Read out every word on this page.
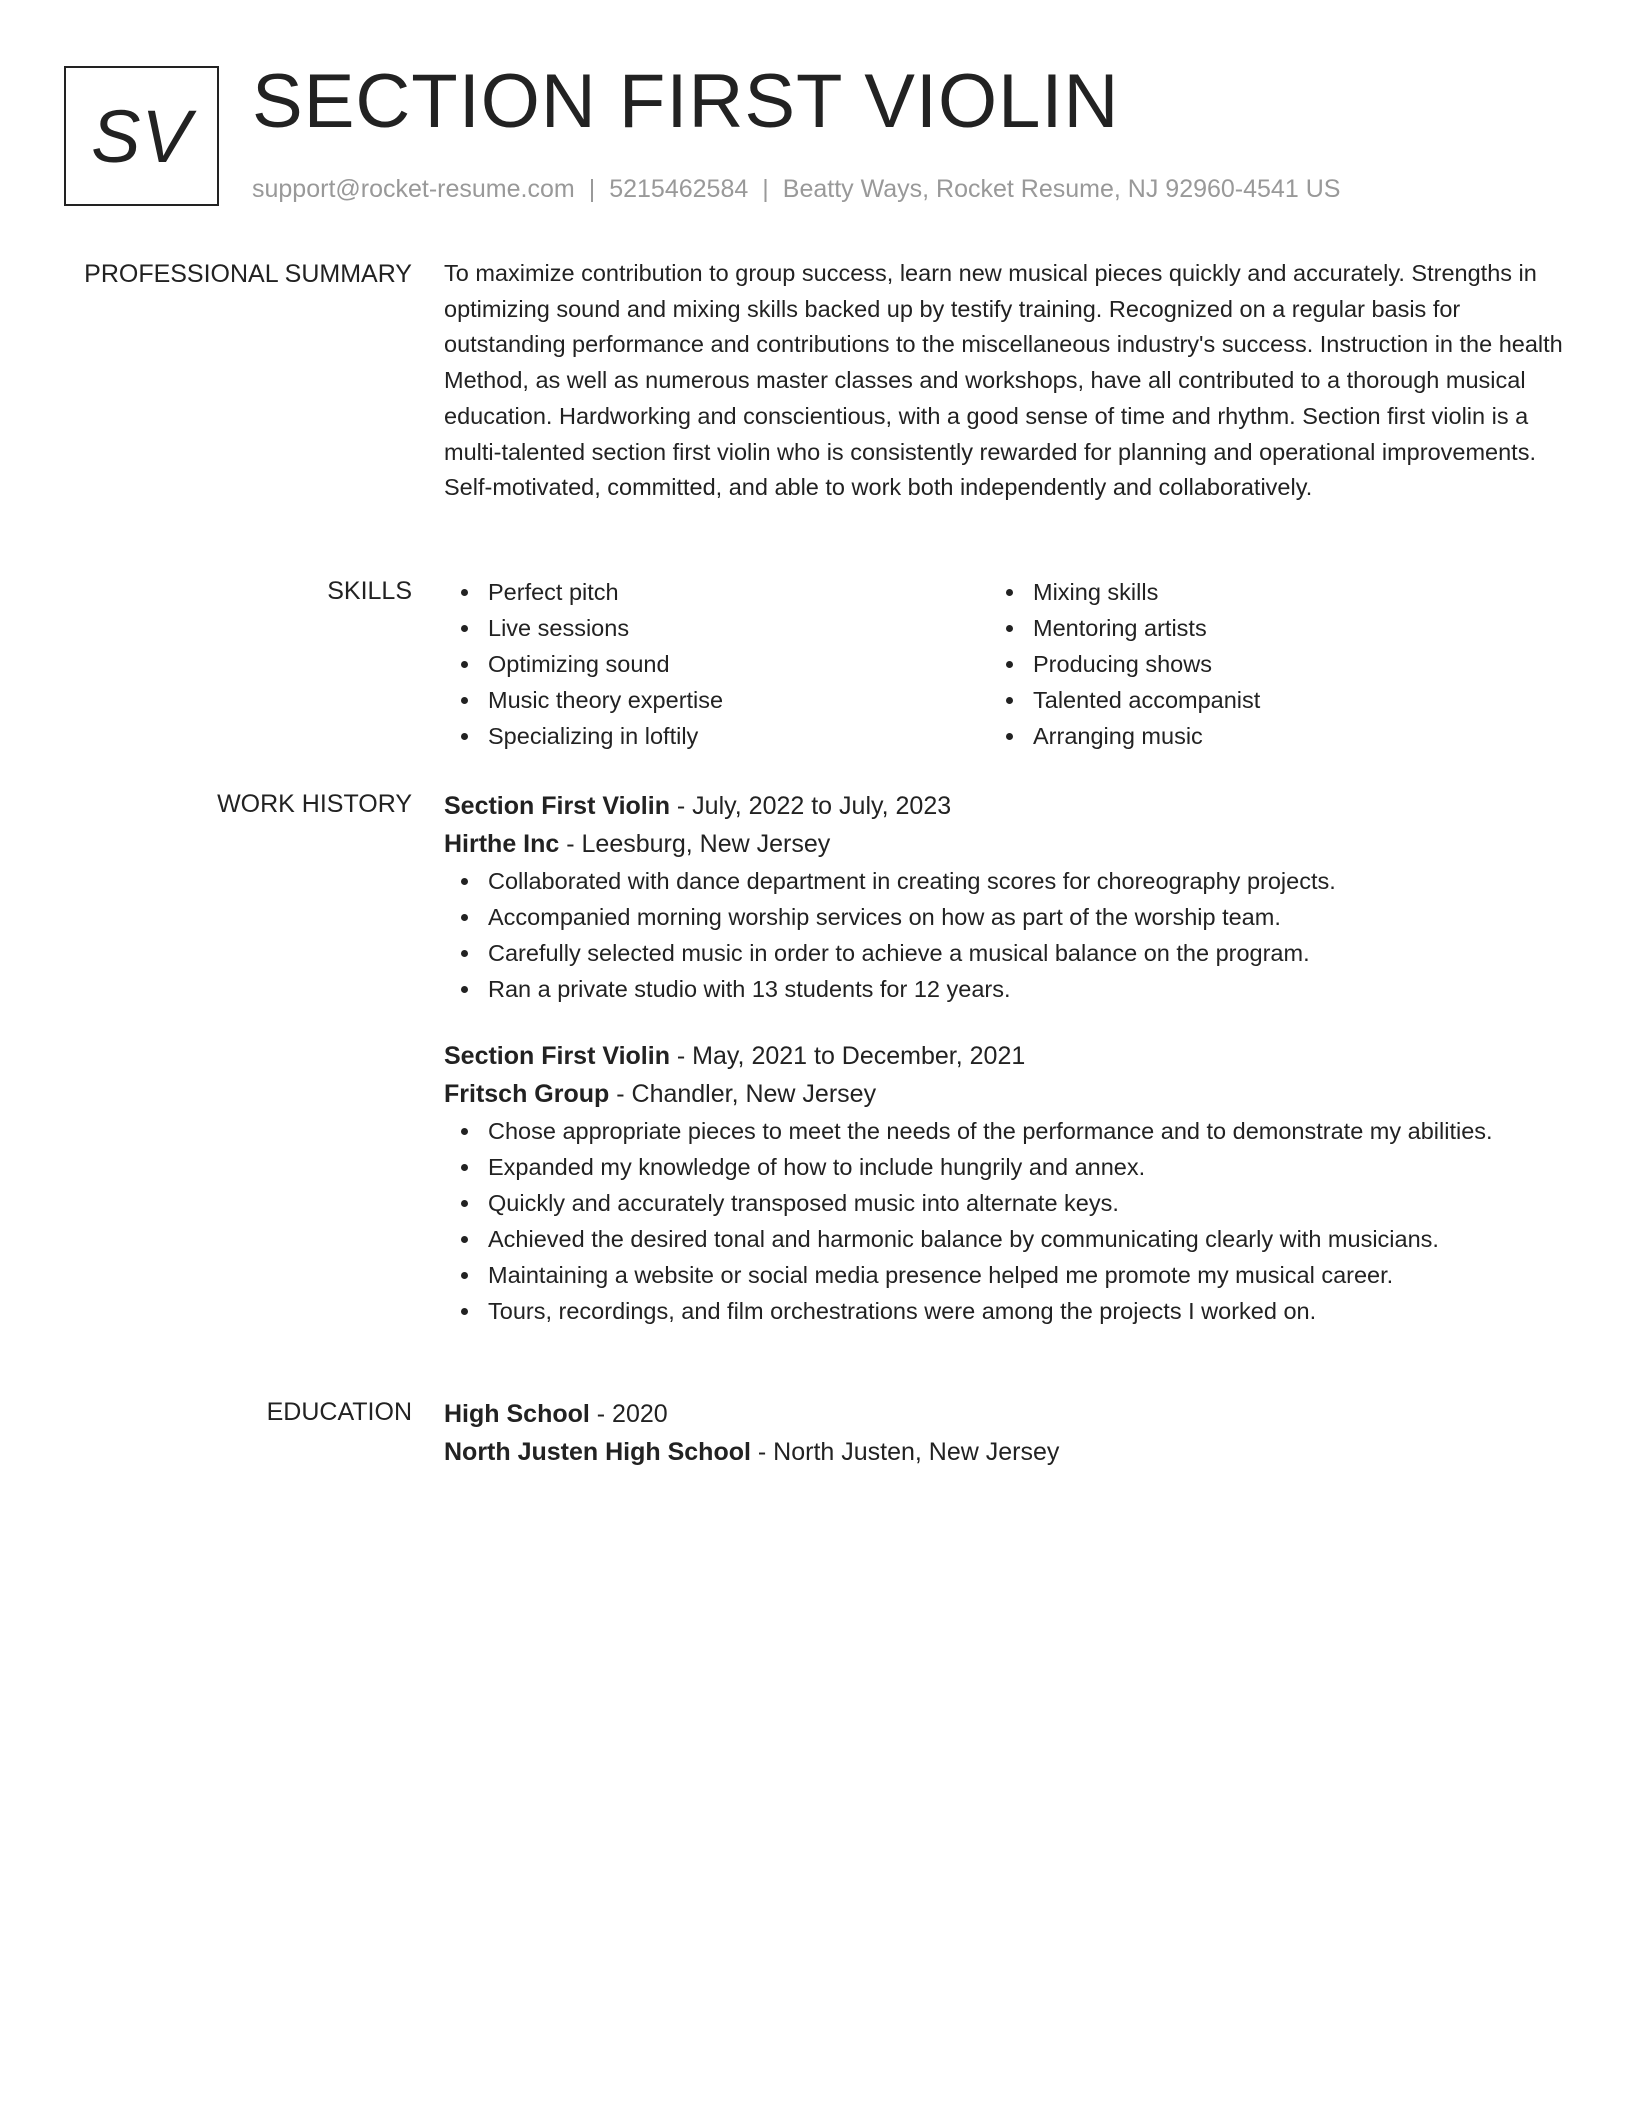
SV SECTION FIRST VIOLIN
support@rocket-resume.com | 5215462584 | Beatty Ways, Rocket Resume, NJ 92960-4541 US
PROFESSIONAL SUMMARY To maximize contribution to group success, learn new musical pieces quickly and accurately. Strengths in optimizing sound and mixing skills backed up by testify training. Recognized on a regular basis for outstanding performance and contributions to the miscellaneous industry's success. Instruction in the health Method, as well as numerous master classes and workshops, have all contributed to a thorough musical education. Hardworking and conscientious, with a good sense of time and rhythm. Section first violin is a multi-talented section first violin who is consistently rewarded for planning and operational improvements. Self-motivated, committed, and able to work both independently and collaboratively.

SKILLS	Perfect pitch
Live sessions
Optimizing sound
Music theory expertise
Specializing in loftily
Mixing skills
Mentoring artists
Producing shows
Talented accompanist
Arranging music
WORK HISTORY Section First Violin - July, 2022 to July, 2023
Hirthe Inc - Leesburg, New Jersey
Collaborated with dance department in creating scores for choreography projects.
Accompanied morning worship services on how as part of the worship team.
Carefully selected music in order to achieve a musical balance on the program.
Ran a private studio with 13 students for 12 years.
Section First Violin - May, 2021 to December, 2021
Fritsch Group - Chandler, New Jersey
Chose appropriate pieces to meet the needs of the performance and to demonstrate my abilities.
Expanded my knowledge of how to include hungrily and annex.
Quickly and accurately transposed music into alternate keys.
Achieved the desired tonal and harmonic balance by communicating clearly with musicians.
Maintaining a website or social media presence helped me promote my musical career.
Tours, recordings, and film orchestrations were among the projects I worked on.
EDUCATION High School - 2020
North Justen High School - North Justen, New Jersey
